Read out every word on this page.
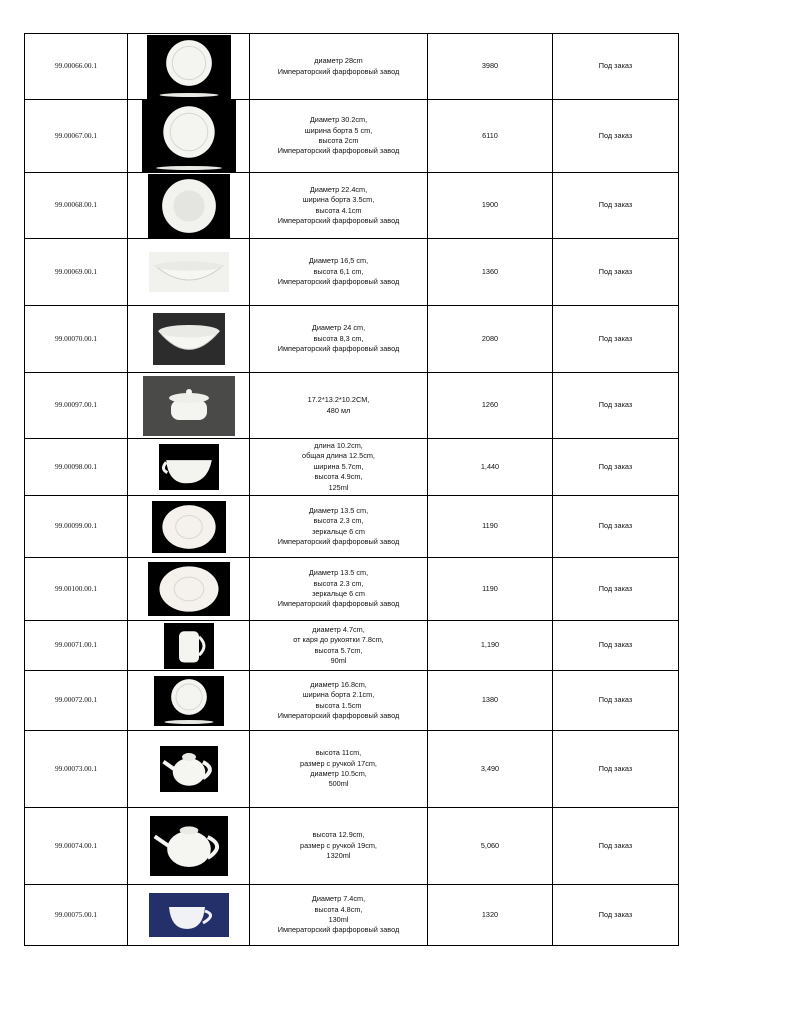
99.00066.00.1		диаметр 28cm
Императорский фарфоровый завод	3980	Под заказ
99.00067.00.1		Диаметр 30.2cm,
ширина борта 5 cm,
высота 2cm
Императорский фарфоровый завод	6110	Под заказ
99.00068.00.1		Диаметр 22.4cm,
ширина борта 3.5cm,
высота 4.1cm
Императорский фарфоровый завод	1900	Под заказ
99.00069.00.1		Диаметр 16,5 cm,
высота 6,1 cm,
Императорский фарфоровый завод	1360	Под заказ
99.00070.00.1		Диаметр 24 cm,
высота 8,3 cm,
Императорский фарфоровый завод	2080	Под заказ
99.00097.00.1		17.2*13.2*10.2CM,
480 мл	1260	Под заказ
99.00098.00.1		длина 10.2cm,
общая длина 12.5cm,
ширина 5.7cm,
высота 4.9cm,
125ml	1,440	Под заказ
99.00099.00.1		Диаметр 13.5 cm,
высота 2.3 cm,
зеркальце 6 cm
Императорский фарфоровый завод	1190	Под заказ
99.00100.00.1		Диаметр 13.5 cm,
высота 2.3 cm,
зеркальце 6 cm
Императорский фарфоровый завод	1190	Под заказ
99.00071.00.1		диаметр 4.7cm,
от каря до рукоятки 7.8cm,
высота 5.7cm,
90ml	1,190	Под заказ
99.00072.00.1		диаметр 16.8cm,
ширина борта 2.1cm,
высота 1.5cm
Императорский фарфоровый завод	1380	Под заказ
99.00073.00.1		высота 11cm,
размер с ручкой 17cm,
диаметр 10.5cm,
500ml	3,490	Под заказ
99.00074.00.1		высота 12.9cm,
размер с ручкой 19cm,
1320ml	5,060	Под заказ
99.00075.00.1		Диаметр 7.4cm,
высота 4.8cm,
130ml
Императорский фарфоровый завод	1320	Под заказ
